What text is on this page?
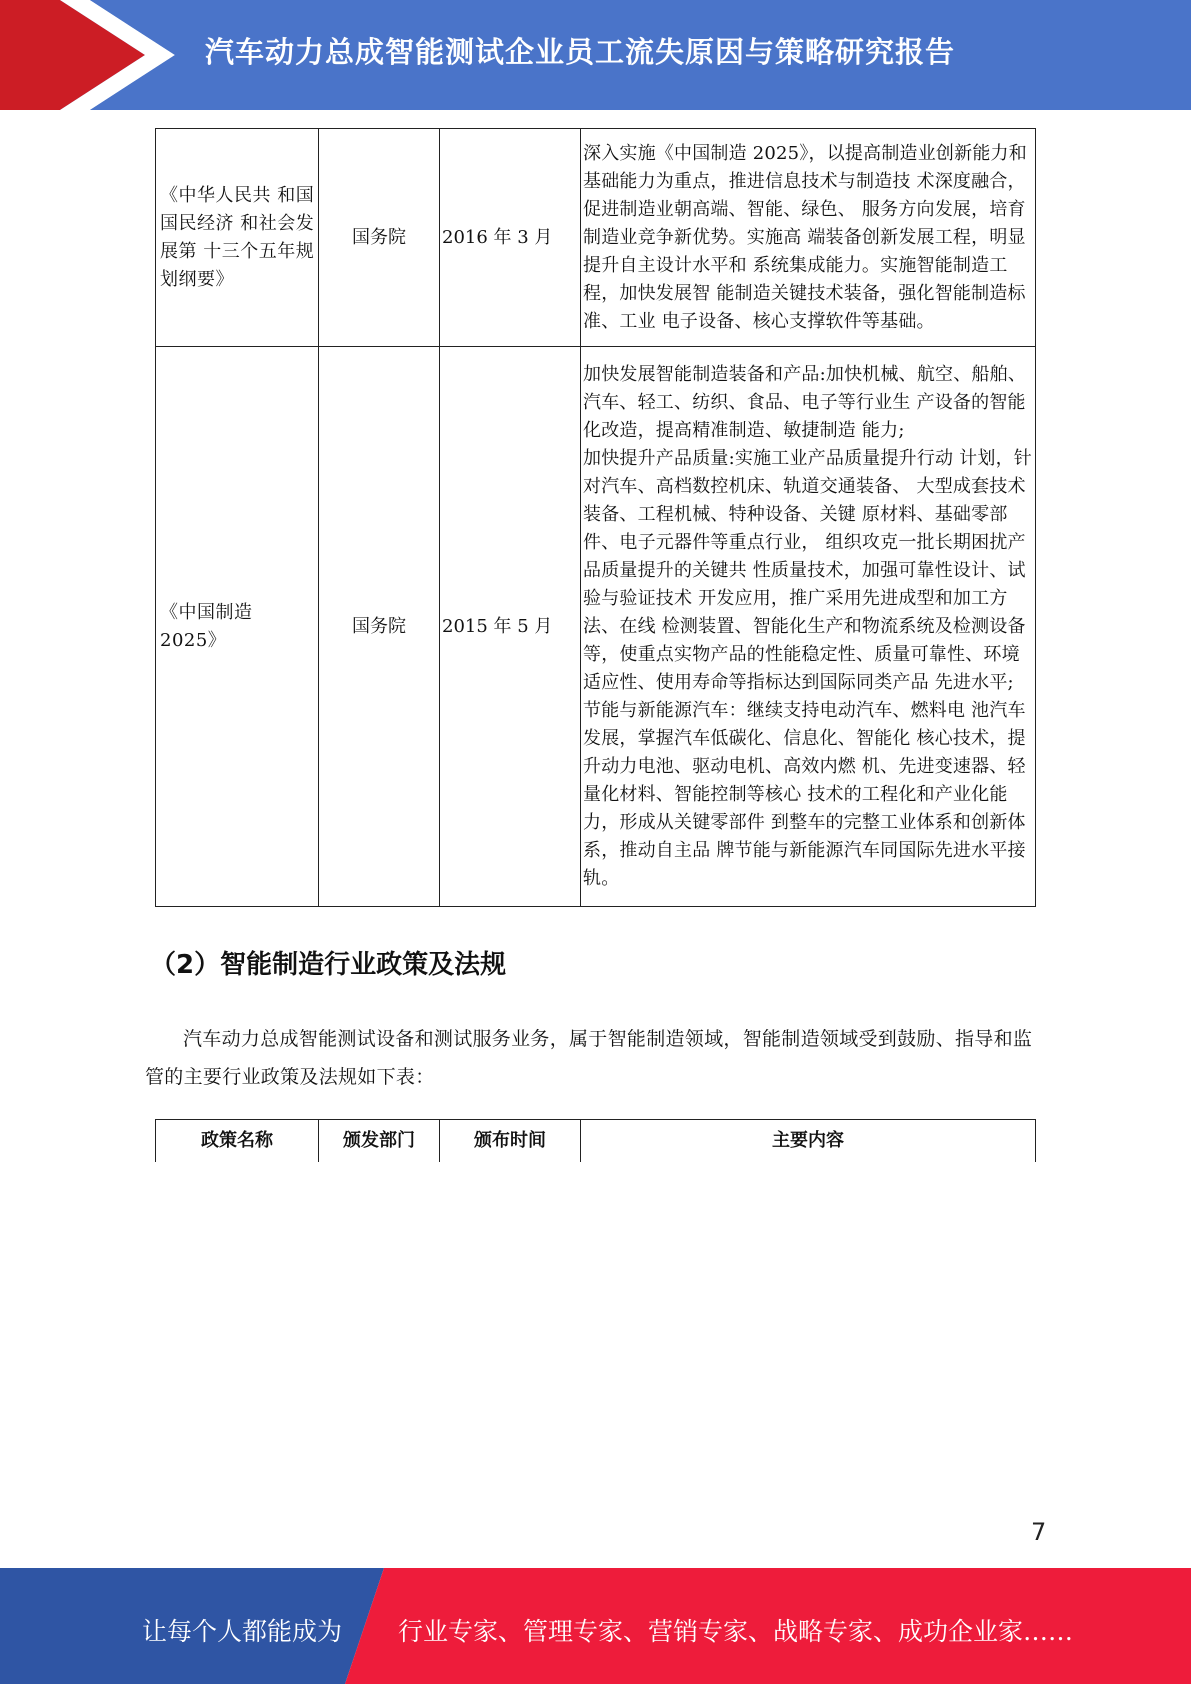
汽车动力总成智能测试企业员工流失原因与策略研究报告
《中华人民共 和国国民经济 和社会发展第 十三个五年规 划纲要》	国务院	2016 年 3 月	深入实施《中国制造 2025》，以提高制造业创新能力和基础能力为重点，推进信息技术与制造技 术深度融合，促进制造业朝高端、智能、绿色、 服务方向发展，培育制造业竞争新优势。实施高 端装备创新发展工程，明显提升自主设计水平和 系统集成能力。实施智能制造工程，加快发展智 能制造关键技术装备，强化智能制造标准、工业 电子设备、核心支撑软件等基础。

《中国制造 2025》	国务院	2015 年 5 月	加快发展智能制造装备和产品:加快机械、航空、船舶、汽车、轻工、纺织、食品、电子等行业生 产设备的智能化改造，提高精准制造、敏捷制造 能力;
加快提升产品质量:实施工业产品质量提升行动 计划，针对汽车、高档数控机床、轨道交通装备、 大型成套技术装备、工程机械、特种设备、关键 原材料、基础零部件、电子元器件等重点行业， 组织攻克一批长期困扰产品质量提升的关键共 性质量技术，加强可靠性设计、试验与验证技术 开发应用，推广采用先进成型和加工方法、在线 检测装置、智能化生产和物流系统及检测设备 等，使重点实物产品的性能稳定性、质量可靠性、环境适应性、使用寿命等指标达到国际同类产品 先进水平;
节能与新能源汽车：继续支持电动汽车、燃料电 池汽车发展，掌握汽车低碳化、信息化、智能化 核心技术，提升动力电池、驱动电机、高效内燃 机、先进变速器、轻量化材料、智能控制等核心 技术的工程化和产业化能力，形成从关键零部件 到整车的完整工业体系和创新体系，推动自主品 牌节能与新能源汽车同国际先进水平接轨。
（2）智能制造行业政策及法规
汽车动力总成智能测试设备和测试服务业务，属于智能制造领域，智能制造领域受到鼓励、指导和监管的主要行业政策及法规如下表：
政策名称	颁发部门	颁布时间	主要内容
7
让每个人都能成为 行业专家、管理专家、营销专家、战略专家、成功企业家……
